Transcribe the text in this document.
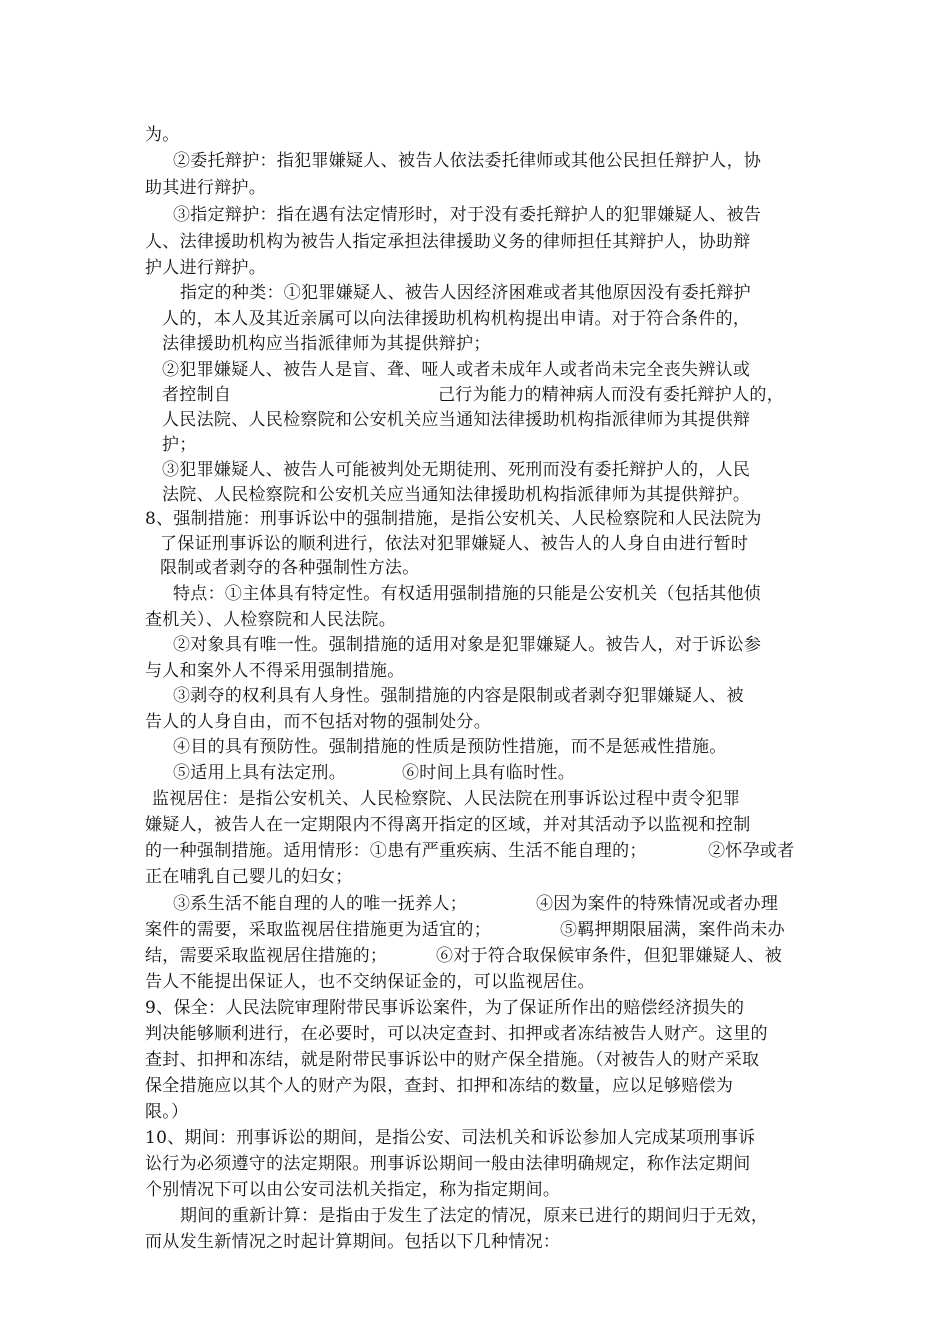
为。
②委托辩护：指犯罪嫌疑人、被告人依法委托律师或其他公民担任辩护人，协
助其进行辩护。
③指定辩护：指在遇有法定情形时，对于没有委托辩护人的犯罪嫌疑人、被告
人、法律援助机构为被告人指定承担法律援助义务的律师担任其辩护人，协助辩
护人进行辩护。
指定的种类：①犯罪嫌疑人、被告人因经济困难或者其他原因没有委托辩护
人的，本人及其近亲属可以向法律援助机构机构提出申请。对于符合条件的，
法律援助机构应当指派律师为其提供辩护；
②犯罪嫌疑人、被告人是盲、聋、哑人或者未成年人或者尚未完全丧失辨认或
者控制自	己行为能力的精神病人而没有委托辩护人的，
人民法院、人民检察院和公安机关应当通知法律援助机构指派律师为其提供辩
护；
③犯罪嫌疑人、被告人可能被判处无期徒刑、死刑而没有委托辩护人的，人民
法院、人民检察院和公安机关应当通知法律援助机构指派律师为其提供辩护。
8、强制措施：刑事诉讼中的强制措施，是指公安机关、人民检察院和人民法院为
了保证刑事诉讼的顺利进行，依法对犯罪嫌疑人、被告人的人身自由进行暂时
限制或者剥夺的各种强制性方法。
特点：①主体具有特定性。有权适用强制措施的只能是公安机关（包括其他侦
查机关）、人检察院和人民法院。
②对象具有唯一性。强制措施的适用对象是犯罪嫌疑人。被告人，对于诉讼参
与人和案外人不得采用强制措施。
③剥夺的权利具有人身性。强制措施的内容是限制或者剥夺犯罪嫌疑人、被
告人的人身自由，而不包括对物的强制处分。
④目的具有预防性。强制措施的性质是预防性措施，而不是惩戒性措施。
⑤适用上具有法定刑。	⑥时间上具有临时性。
监视居住：是指公安机关、人民检察院、人民法院在刑事诉讼过程中责令犯罪
嫌疑人，被告人在一定期限内不得离开指定的区域，并对其活动予以监视和控制
的一种强制措施。适用情形：①患有严重疾病、生活不能自理的；	②怀孕或者
正在哺乳自己婴儿的妇女；
③系生活不能自理的人的唯一抚养人；	④因为案件的特殊情况或者办理
案件的需要，采取监视居住措施更为适宜的；	⑤羁押期限届满，案件尚未办
结，需要采取监视居住措施的；	⑥对于符合取保候审条件，但犯罪嫌疑人、被
告人不能提出保证人，也不交纳保证金的，可以监视居住。
9、保全：人民法院审理附带民事诉讼案件，为了保证所作出的赔偿经济损失的
判决能够顺利进行，在必要时，可以决定查封、扣押或者冻结被告人财产。这里的
查封、扣押和冻结，就是附带民事诉讼中的财产保全措施。（对被告人的财产采取
保全措施应以其个人的财产为限，查封、扣押和冻结的数量，应以足够赔偿为
限。）
10、期间：刑事诉讼的期间，是指公安、司法机关和诉讼参加人完成某项刑事诉
讼行为必须遵守的法定期限。刑事诉讼期间一般由法律明确规定，称作法定期间
个别情况下可以由公安司法机关指定，称为指定期间。
期间的重新计算：是指由于发生了法定的情况，原来已进行的期间归于无效，
而从发生新情况之时起计算期间。包括以下几种情况：
